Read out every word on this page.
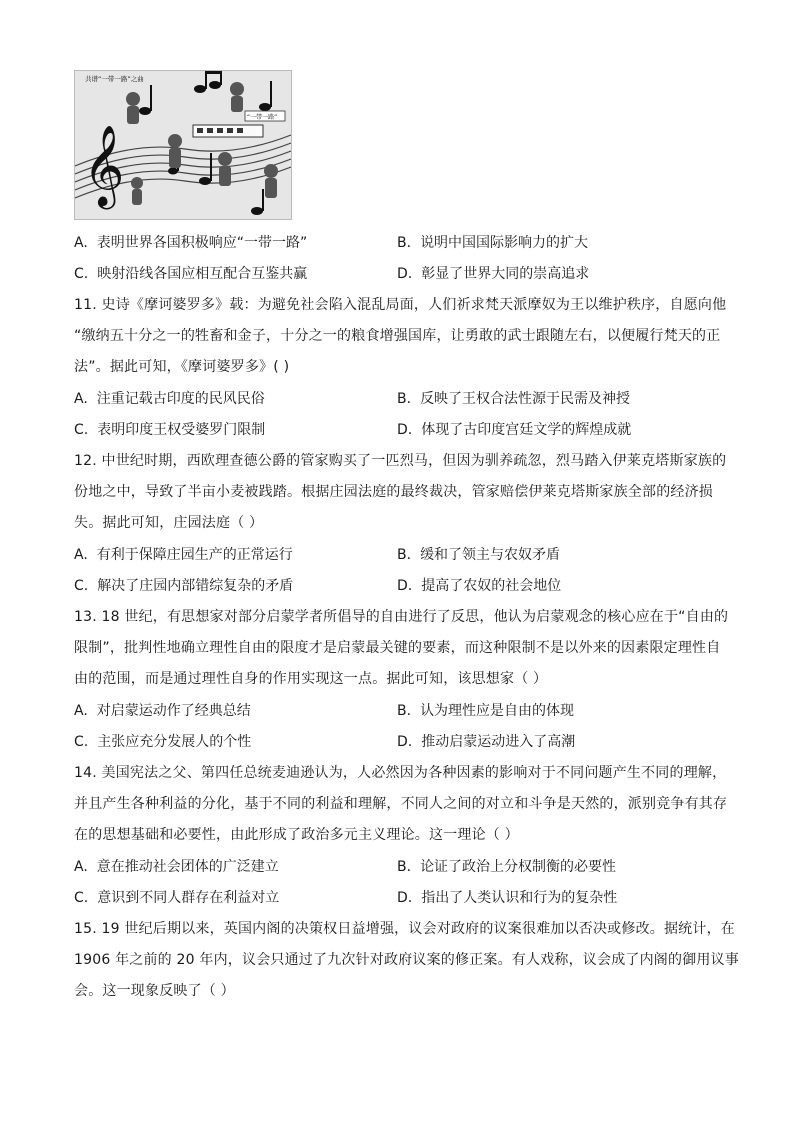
𝄞
共谱“一带一路”之曲
“一带一路”
A. 表明世界各国积极响应“一带一路”	B. 说明中国国际影响力的扩大
C. 映射沿线各国应相互配合互鉴共赢	D. 彰显了世界大同的崇高追求
11. 史诗《摩诃婆罗多》载：为避免社会陷入混乱局面，人们祈求梵天派摩奴为王以维护秩序，自愿向他
“缴纳五十分之一的牲畜和金子，十分之一的粮食增强国库，让勇敢的武士跟随左右，以便履行梵天的正
法”。据此可知，《摩诃婆罗多》( )
A. 注重记载古印度的民风民俗	B. 反映了王权合法性源于民需及神授
C. 表明印度王权受婆罗门限制	D. 体现了古印度宫廷文学的辉煌成就
12. 中世纪时期，西欧理查德公爵的管家购买了一匹烈马，但因为驯养疏忽，烈马踏入伊莱克塔斯家族的
份地之中，导致了半亩小麦被践踏。根据庄园法庭的最终裁决，管家赔偿伊莱克塔斯家族全部的经济损
失。据此可知，庄园法庭（ ）
A. 有利于保障庄园生产的正常运行	B. 缓和了领主与农奴矛盾
C. 解决了庄园内部错综复杂的矛盾	D. 提高了农奴的社会地位
13. 18 世纪，有思想家对部分启蒙学者所倡导的自由进行了反思，他认为启蒙观念的核心应在于“自由的
限制”，批判性地确立理性自由的限度才是启蒙最关键的要素，而这种限制不是以外来的因素限定理性自
由的范围，而是通过理性自身的作用实现这一点。据此可知，该思想家（ ）
A. 对启蒙运动作了经典总结	B. 认为理性应是自由的体现
C. 主张应充分发展人的个性	D. 推动启蒙运动进入了高潮
14. 美国宪法之父、第四任总统麦迪逊认为，人必然因为各种因素的影响对于不同问题产生不同的理解，
并且产生各种利益的分化，基于不同的利益和理解，不同人之间的对立和斗争是天然的，派别竞争有其存
在的思想基础和必要性，由此形成了政治多元主义理论。这一理论（ ）
A. 意在推动社会团体的广泛建立	B. 论证了政治上分权制衡的必要性
C. 意识到不同人群存在利益对立	D. 指出了人类认识和行为的复杂性
15. 19 世纪后期以来，英国内阁的决策权日益增强，议会对政府的议案很难加以否决或修改。据统计，在
1906 年之前的 20 年内，议会只通过了九次针对政府议案的修正案。有人戏称，议会成了内阁的御用议事
会。这一现象反映了（ ）
